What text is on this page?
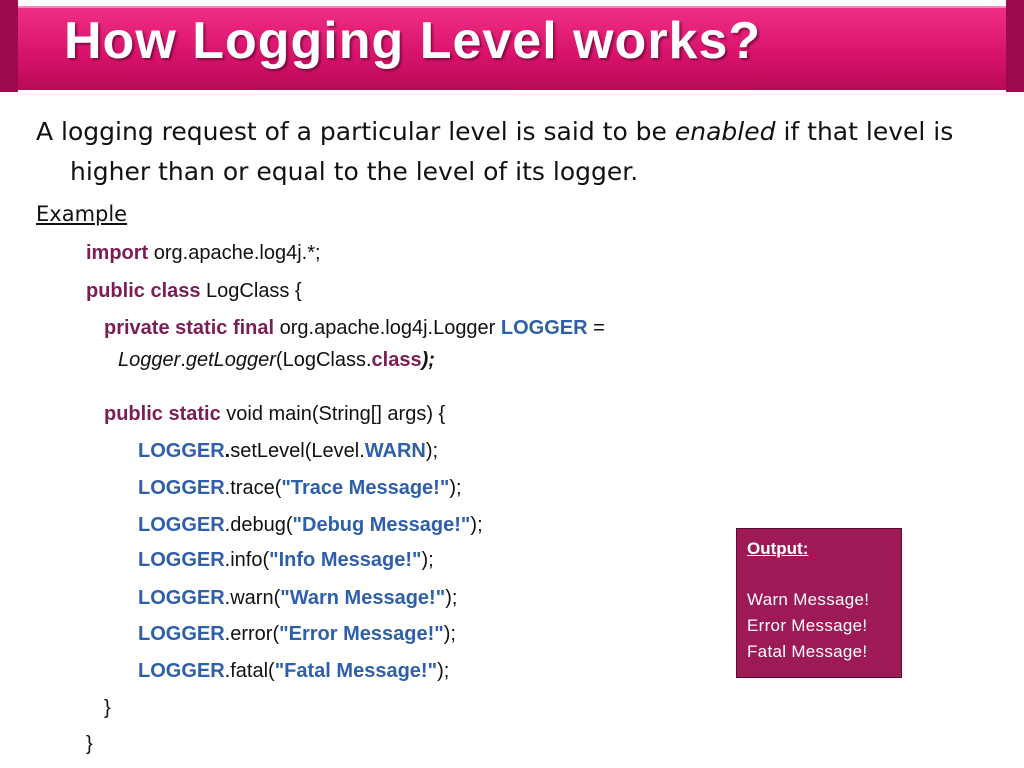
How Logging Level works?

A logging request of a particular level is said to be enabled if that level is higher than or equal to the level of its logger.

Example
import org.apache.log4j.*;
public class LogClass {
private static final org.apache.log4j.Logger LOGGER =
Logger.getLogger(LogClass.class);
public static void main(String[] args) {
LOGGER.setLevel(Level.WARN);
LOGGER.trace("Trace Message!");
LOGGER.debug("Debug Message!");
LOGGER.info("Info Message!");
LOGGER.warn("Warn Message!");
LOGGER.error("Error Message!");
LOGGER.fatal("Fatal Message!");
}
}
Output:
Warn Message!
Error Message!
Fatal Message!
